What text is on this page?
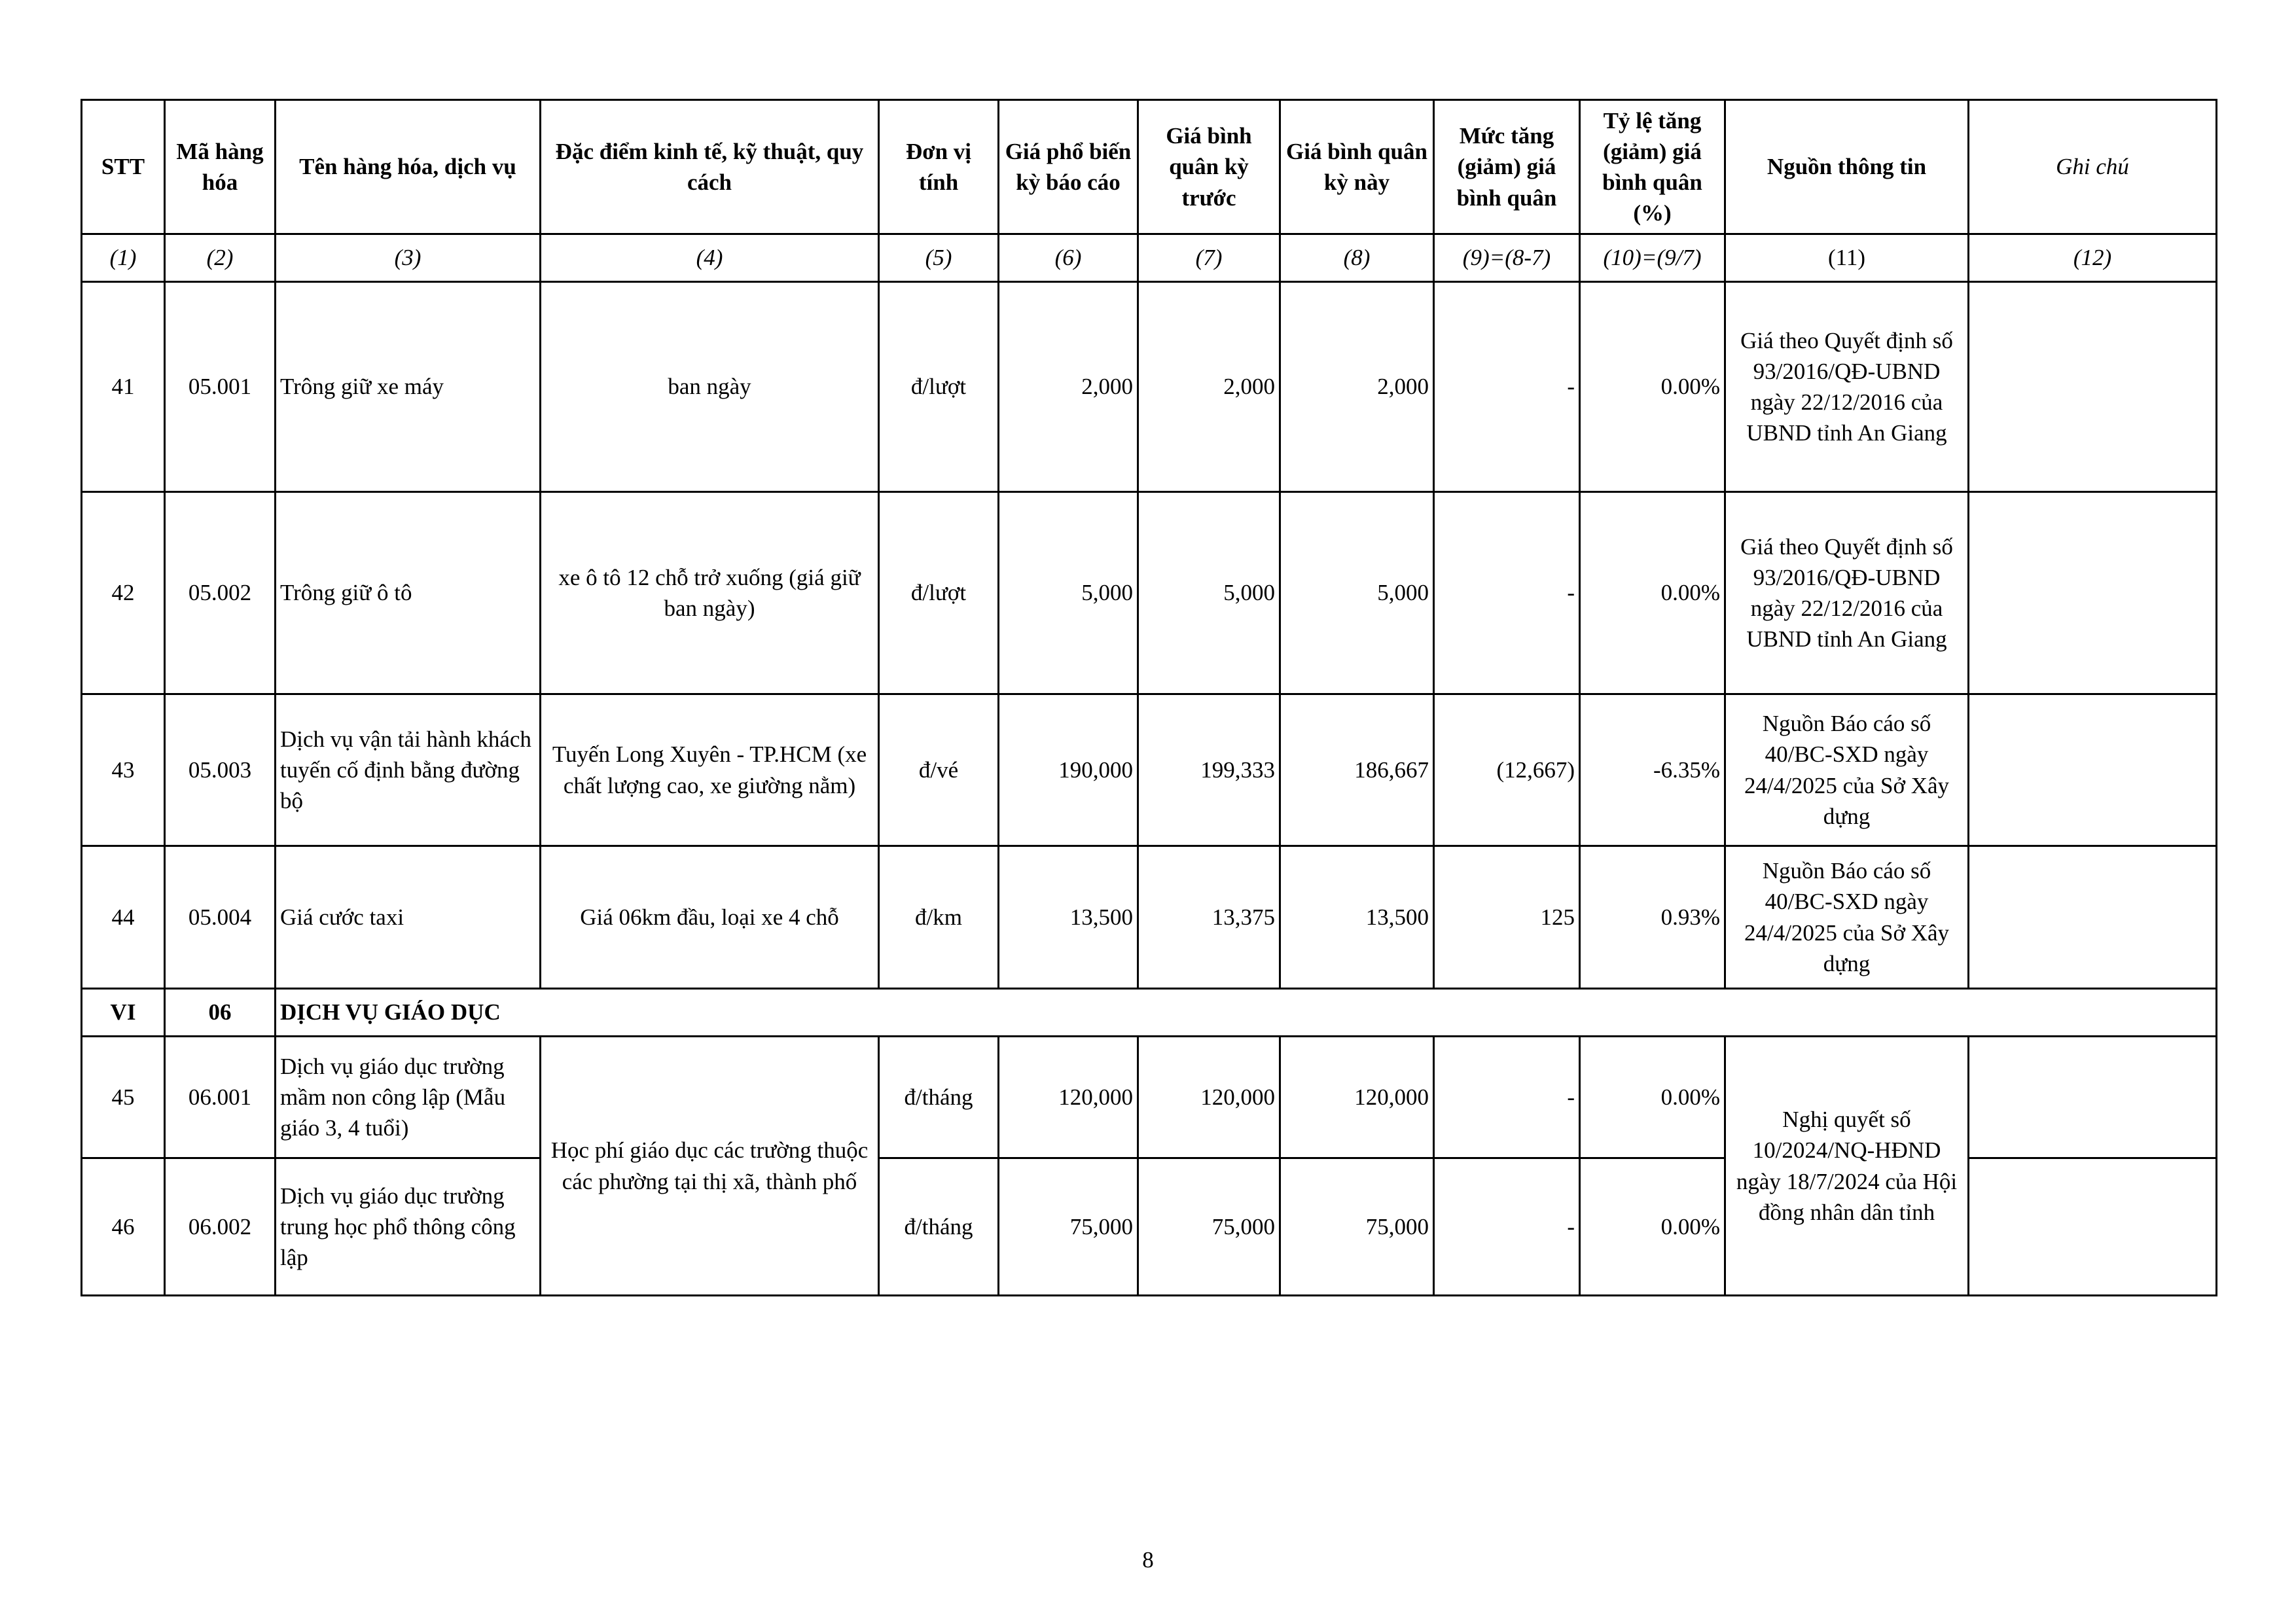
STT	Mã hàng hóa	Tên hàng hóa, dịch vụ	Đặc điểm kinh tế, kỹ thuật, quy cách	Đơn vị tính	Giá phổ biến kỳ báo cáo	Giá bình quân kỳ trước	Giá bình quân kỳ này	Mức tăng (giảm) giá bình quân	Tỷ lệ tăng (giảm) giá bình quân (%)	Nguồn thông tin	Ghi chú
(1)	(2)	(3)	(4)	(5)	(6)	(7)	(8)	(9)=(8-7)	(10)=(9/7)	(11)	(12)
41	05.001	Trông giữ xe máy	ban ngày	đ/lượt	2,000	2,000	2,000	-	0.00%	Giá theo Quyết định số 93/2016/QĐ-UBND ngày 22/12/2016 của UBND tỉnh An Giang	
42	05.002	Trông giữ ô tô	xe ô tô 12 chỗ trở xuống (giá giữ ban ngày)	đ/lượt	5,000	5,000	5,000	-	0.00%	Giá theo Quyết định số 93/2016/QĐ-UBND ngày 22/12/2016 của UBND tỉnh An Giang	
43	05.003	Dịch vụ vận tải hành khách tuyến cố định bằng đường bộ	Tuyến Long Xuyên - TP.HCM (xe chất lượng cao, xe giường nằm)	đ/vé	190,000	199,333	186,667	(12,667)	-6.35%	Nguồn Báo cáo số 40/BC-SXD ngày 24/4/2025 của Sở Xây dựng	
44	05.004	Giá cước taxi	Giá 06km đầu, loại xe 4 chỗ	đ/km	13,500	13,375	13,500	125	0.93%	Nguồn Báo cáo số 40/BC-SXD ngày 24/4/2025 của Sở Xây dựng	
VI	06	DỊCH VỤ GIÁO DỤC									
45	06.001	Dịch vụ giáo dục trường mầm non công lập (Mẫu giáo 3, 4 tuổi)	Học phí giáo dục các trường thuộc các phường tại thị xã, thành phố	đ/tháng	120,000	120,000	120,000	-	0.00%	Nghị quyết số 10/2024/NQ-HĐND ngày 18/7/2024 của Hội đồng nhân dân tỉnh	
46	06.002	Dịch vụ giáo dục trường trung học phổ thông công lập		đ/tháng	75,000	75,000	75,000	-	0.00%		
8
